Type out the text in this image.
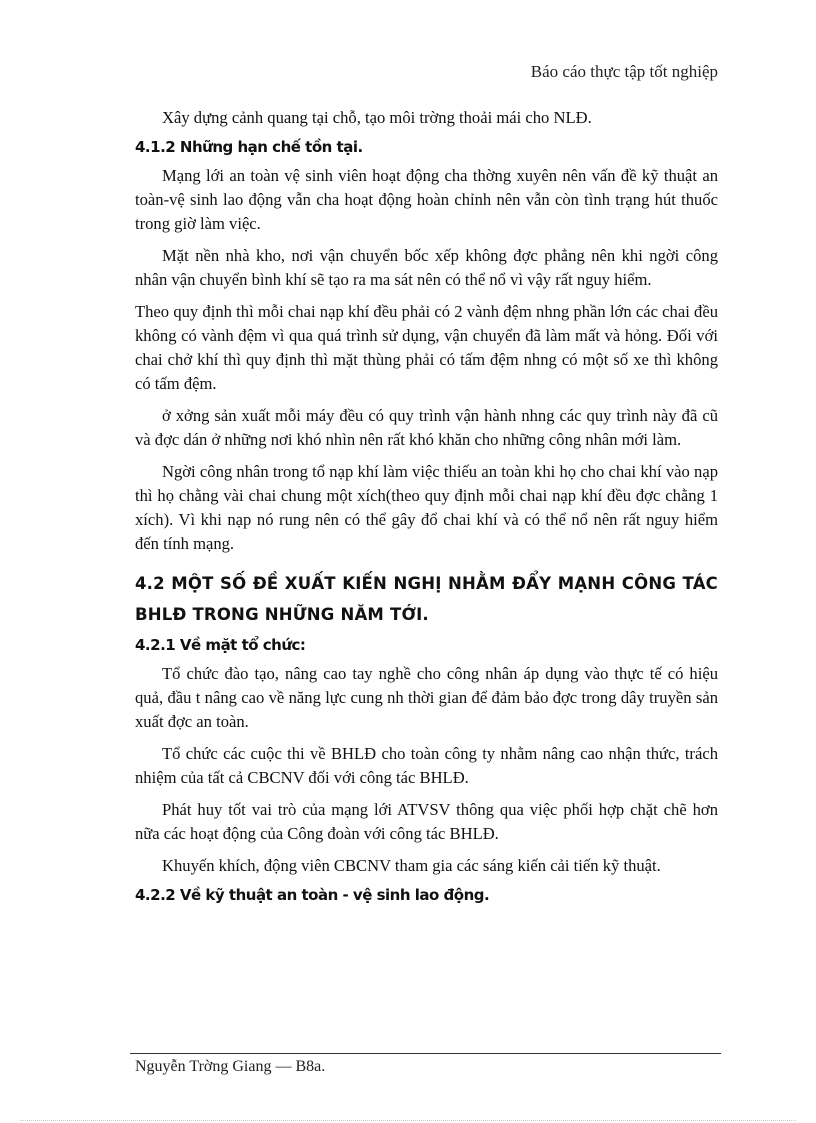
Báo cáo thực tập tốt nghiệp

Xây dựng cảnh quang tại chỗ, tạo môi trờng thoải mái cho NLĐ.

4.1.2 Những hạn chế tồn tại.

Mạng lới an toàn vệ sinh viên hoạt động cha thờng xuyên nên vấn đề kỹ thuật an toàn-vệ sinh lao động vẫn cha hoạt động hoàn chỉnh nên vẫn còn tình trạng hút thuốc trong giờ làm việc.

Mặt nền nhà kho, nơi vận chuyển bốc xếp không đợc phẳng nên khi ngời công nhân vận chuyển bình khí sẽ tạo ra ma sát nên có thể nổ vì vậy rất nguy hiểm.

Theo quy định thì mỗi chai nạp khí đều phải có 2 vành đệm nhng phần lớn các chai đều không có vành đệm vì qua quá trình sử dụng, vận chuyển đã làm mất và hỏng. Đối với chai chở khí thì quy định thì mặt thùng phải có tấm đệm nhng có một số xe thì không có tấm đệm.

ở xởng sản xuất mỗi máy đều có quy trình vận hành nhng các quy trình này đã cũ và đợc dán ở những nơi khó nhìn nên rất khó khăn cho những công nhân mới làm.

Ngời công nhân trong tổ nạp khí làm việc thiếu an toàn khi họ cho chai khí vào nạp thì họ chằng vài chai chung một xích(theo quy định mỗi chai nạp khí đều đợc chằng 1 xích). Vì khi nạp nó rung nên có thể gây đổ chai khí và có thể nổ nên rất nguy hiểm đến tính mạng.

4.2 MỘT SỐ ĐỀ XUẤT KIẾN NGHỊ NHẰM ĐẨY MẠNH CÔNG TÁC BHLĐ TRONG NHỮNG NĂM TỚI.
4.2.1 Về mặt tổ chức:

Tổ chức đào tạo, nâng cao tay nghề cho công nhân áp dụng vào thực tế có hiệu quả, đầu t nâng cao về năng lực cung nh thời gian để đảm bảo đợc trong dây truyền sản xuất đợc an toàn.

Tổ chức các cuộc thi về BHLĐ cho toàn công ty nhằm nâng cao nhận thức, trách nhiệm của tất cả CBCNV đối với công tác BHLĐ.

Phát huy tốt vai trò của mạng lới ATVSV thông qua việc phối hợp chặt chẽ hơn nữa các hoạt động của Công đoàn với công tác BHLĐ.

Khuyến khích, động viên CBCNV tham gia các sáng kiến cải tiến kỹ thuật.

4.2.2 Về kỹ thuật an toàn - vệ sinh lao động.
Nguyễn Trờng Giang — B8a.
